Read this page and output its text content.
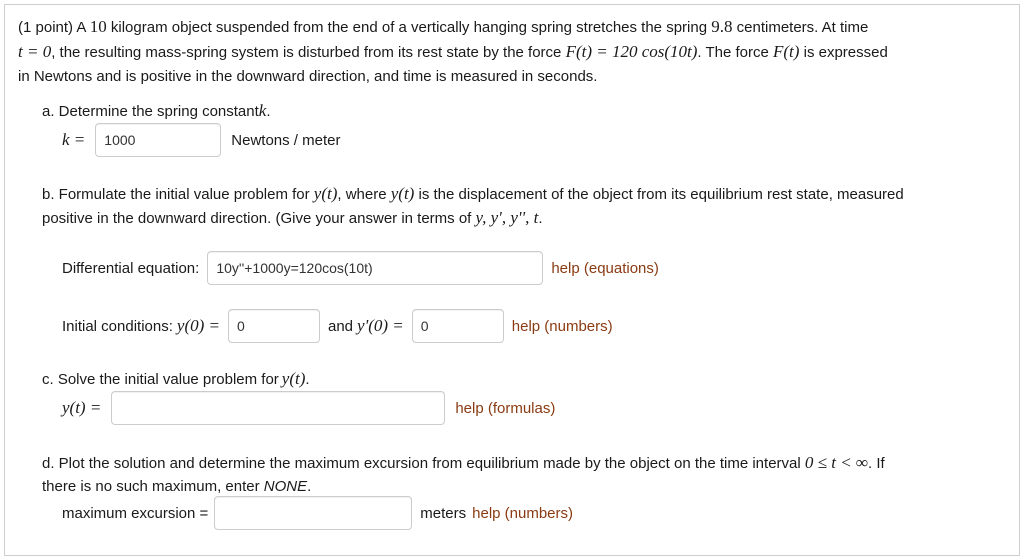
(1 point) A 10 kilogram object suspended from the end of a vertically hanging spring stretches the spring 9.8 centimeters. At time
t = 0, the resulting mass-spring system is disturbed from its rest state by the force F(t) = 120 cos(10t). The force F(t) is expressed
in Newtons and is positive in the downward direction, and time is measured in seconds.
a. Determine the spring constant k .
k =
1000	Newtons / meter
b. Formulate the initial value problem for y(t), where y(t) is the displacement of the object from its equilibrium rest state, measured
positive in the downward direction. (Give your answer in terms of y, y', y'', t.
Differential equation:
10y''+1000y=120cos(10t)	help (equations)
Initial conditions: y(0) =
0	and y'(0) =
0	help (numbers)
c. Solve the initial value problem for y(t) .
y(t) =	help (formulas)
d. Plot the solution and determine the maximum excursion from equilibrium made by the object on the time interval 0 ≤ t < ∞. If
there is no such maximum, enter NONE.
maximum excursion =	meters help (numbers)
